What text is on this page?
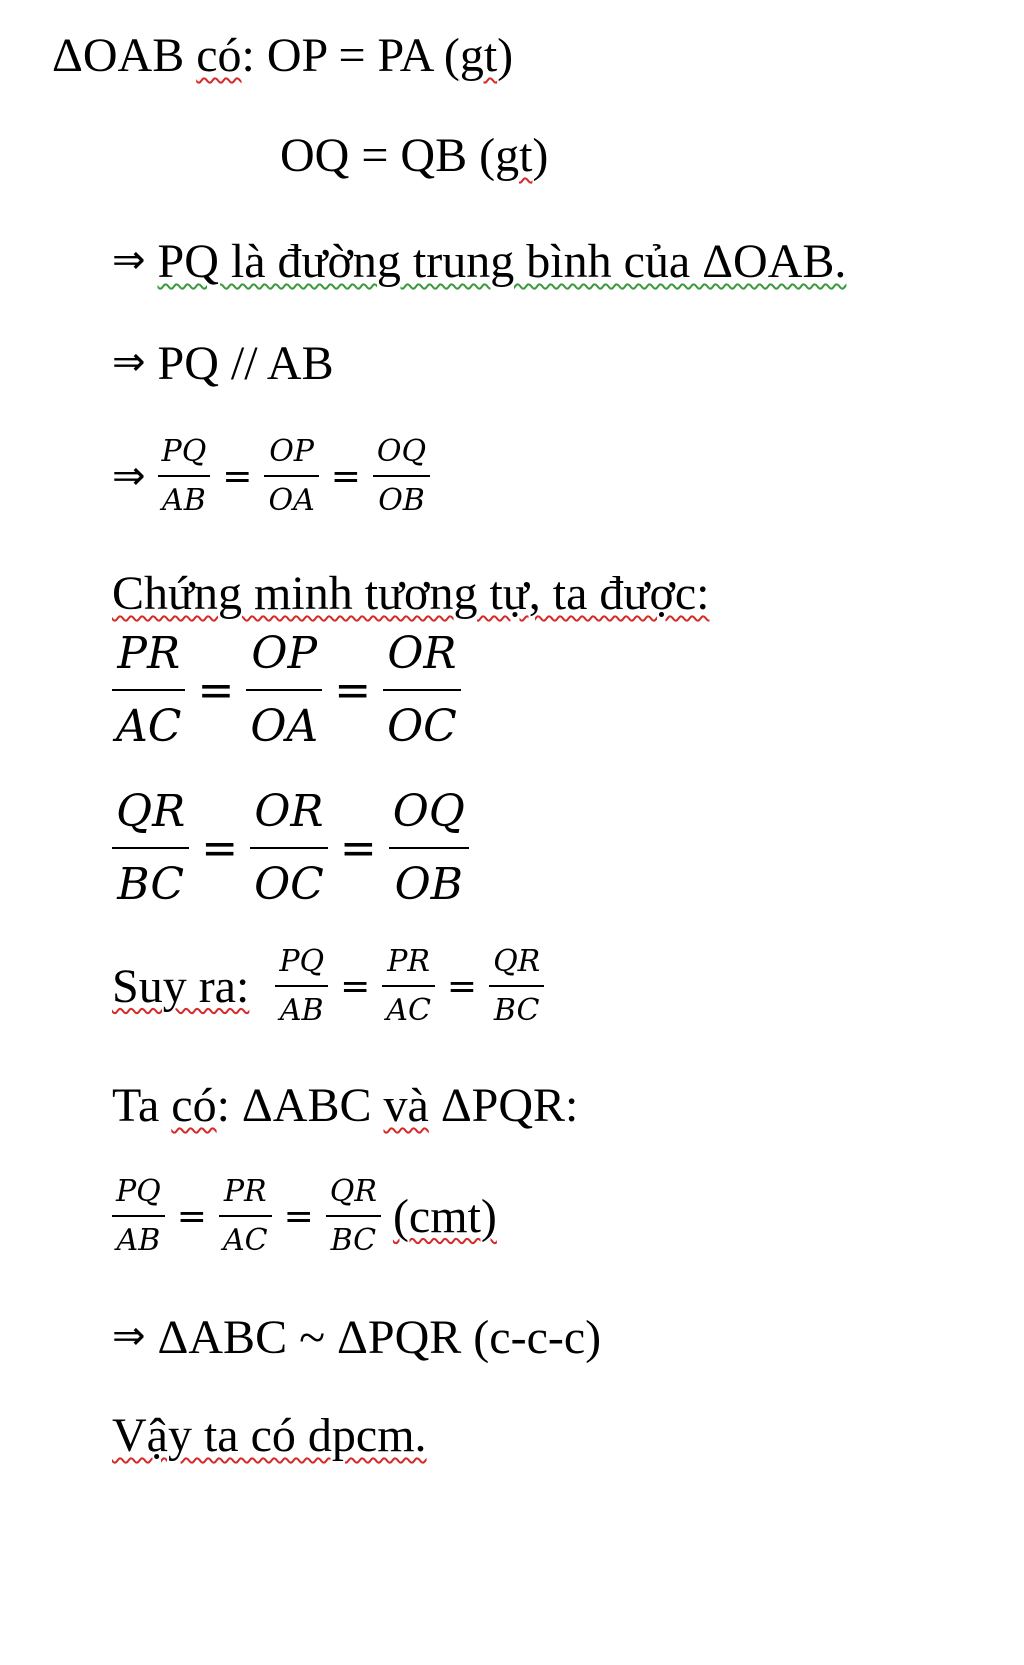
ΔOAB có: OP = PA (gt)
OQ = QB (gt)
⇒ PQ là đường trung bình của ΔOAB.
⇒ PQ // AB
⇒ $\frac{PQ}{AB} = \frac{OP}{OA} = \frac{OQ}{OB}$
Chứng minh tương tự, ta được:
$\frac{PR}{AC} = \frac{OP}{OA} = \frac{OR}{OC}$
$\frac{QR}{BC} = \frac{OR}{OC} = \frac{OQ}{OB}$
Suy ra: $\frac{PQ}{AB} = \frac{PR}{AC} = \frac{QR}{BC}$
Ta có: ΔABC và ΔPQR:
$\frac{PQ}{AB} = \frac{PR}{AC} = \frac{QR}{BC} (cmt)$
⇒ ΔABC ~ ΔPQR (c-c-c)
Vậy ta có dpcm.
